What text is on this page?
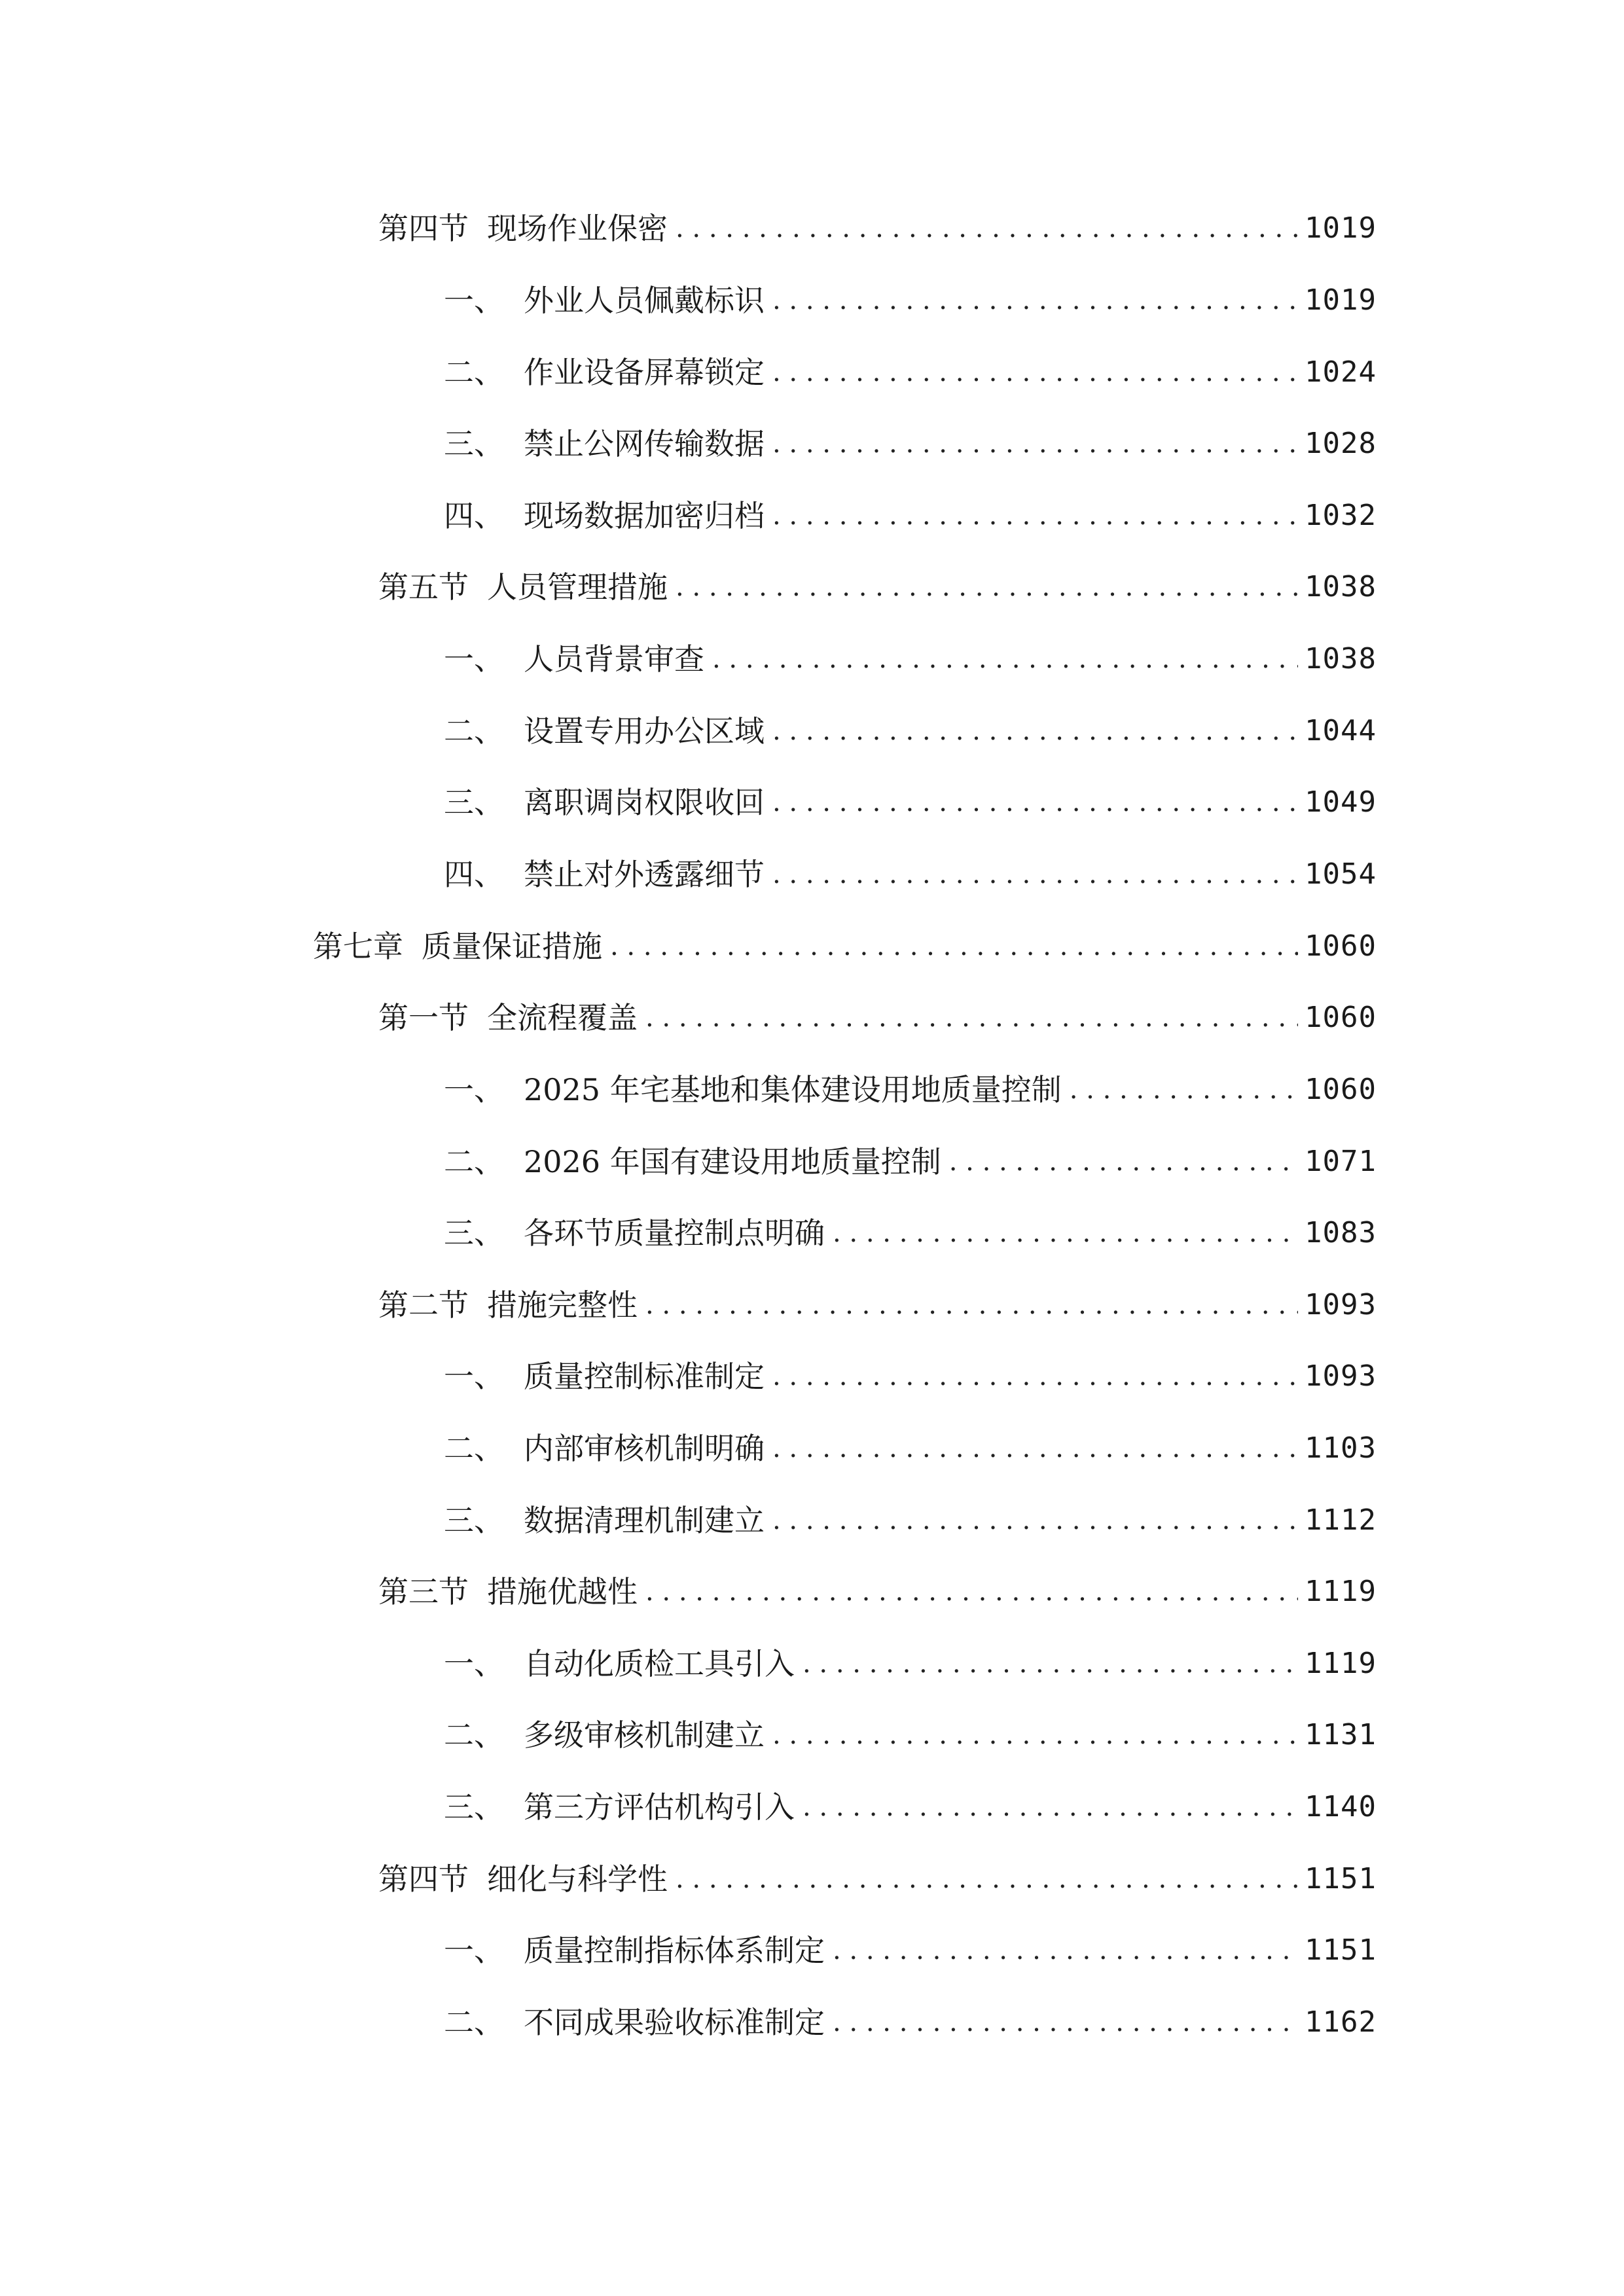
第四节 现场作业保密 . . .	1019
一、 外业人员佩戴标识 . . .	1019
二、 作业设备屏幕锁定 . . .	1024
三、 禁止公网传输数据 . . .	1028
四、 现场数据加密归档 . . .	1032
第五节 人员管理措施 . . .	1038
一、 人员背景审查 . . .	1038
二、 设置专用办公区域 . . .	1044
三、 离职调岗权限收回 . . .	1049
四、 禁止对外透露细节 . . .	1054
第七章 质量保证措施 . . .	1060
第一节 全流程覆盖 . . .	1060
一、 2025 年宅基地和集体建设用地质量控制 . . .	1060
二、 2026 年国有建设用地质量控制 . . .	1071
三、 各环节质量控制点明确 . . .	1083
第二节 措施完整性 . . .	1093
一、 质量控制标准制定 . . .	1093
二、 内部审核机制明确 . . .	1103
三、 数据清理机制建立 . . .	1112
第三节 措施优越性 . . .	1119
一、 自动化质检工具引入 . . .	1119
二、 多级审核机制建立 . . .	1131
三、 第三方评估机构引入 . . .	1140
第四节 细化与科学性 . . .	1151
一、 质量控制指标体系制定 . . .	1151
二、 不同成果验收标准制定 . . .	1162
